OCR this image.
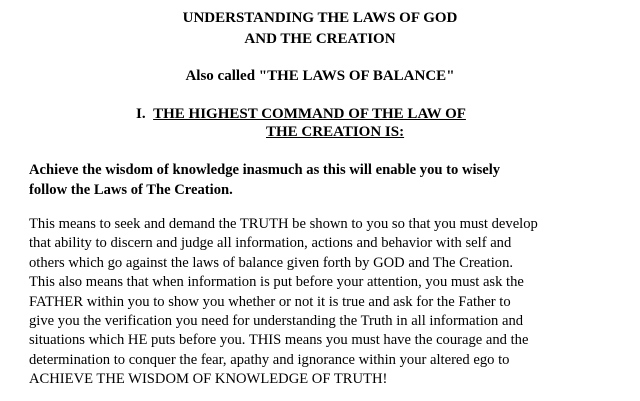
UNDERSTANDING THE LAWS OF GOD
AND THE CREATION
Also called "THE LAWS OF BALANCE"
I. THE HIGHEST COMMAND OF THE LAW OF
THE CREATION IS:
Achieve the wisdom of knowledge inasmuch as this will enable you to wisely
follow the Laws of The Creation.
This means to seek and demand the TRUTH be shown to you so that you must develop
that ability to discern and judge all information, actions and behavior with self and
others which go against the laws of balance given forth by GOD and The Creation.
This also means that when information is put before your attention, you must ask the
FATHER within you to show you whether or not it is true and ask for the Father to
give you the verification you need for understanding the Truth in all information and
situations which HE puts before you. THIS means you must have the courage and the
determination to conquer the fear, apathy and ignorance within your altered ego to
ACHIEVE THE WISDOM OF KNOWLEDGE OF TRUTH!
